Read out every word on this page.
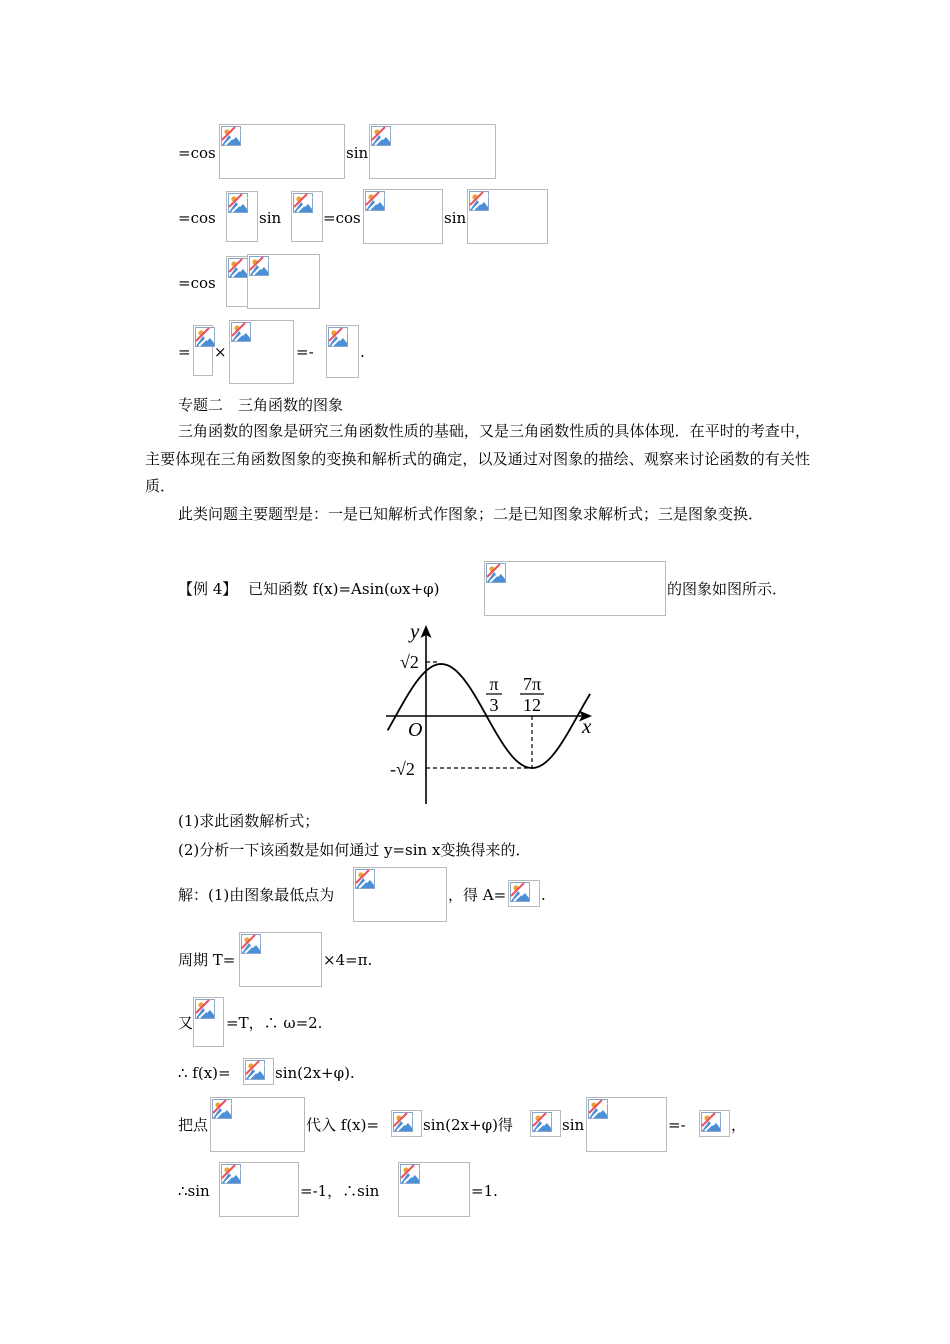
=cos	sin
=cos	sin	=cos	sin
=cos
= ×	=-	.
专题二　三角函数的图象
三角函数的图象是研究三角函数性质的基础，又是三角函数性质的具体体现．在平时的考查中，主要体现在三角函数图象的变换和解析式的确定，以及通过对图象的描绘、观察来讨论函数的有关性质．
此类问题主要题型是：一是已知解析式作图象；二是已知图象求解析式；三是图象变换．
【例 4】 已知函数 f(x)=Asin(ωx+φ)	的图象如图所示．
y
x
O
√2
-√2
π
3
7π
12
(1)求此函数解析式；
(2)分析一下该函数是如何通过 y=sin x变换得来的．
解：(1)由图象最低点为	，得 A= .
周期 T=	×4=π.
又 =T，∴ ω=2.
∴ f(x)=	sin(2x+φ).
把点	代入 f(x)=	sin(2x+φ)得	sin	=-	，
∴sin	=-1，∴sin	=1.
